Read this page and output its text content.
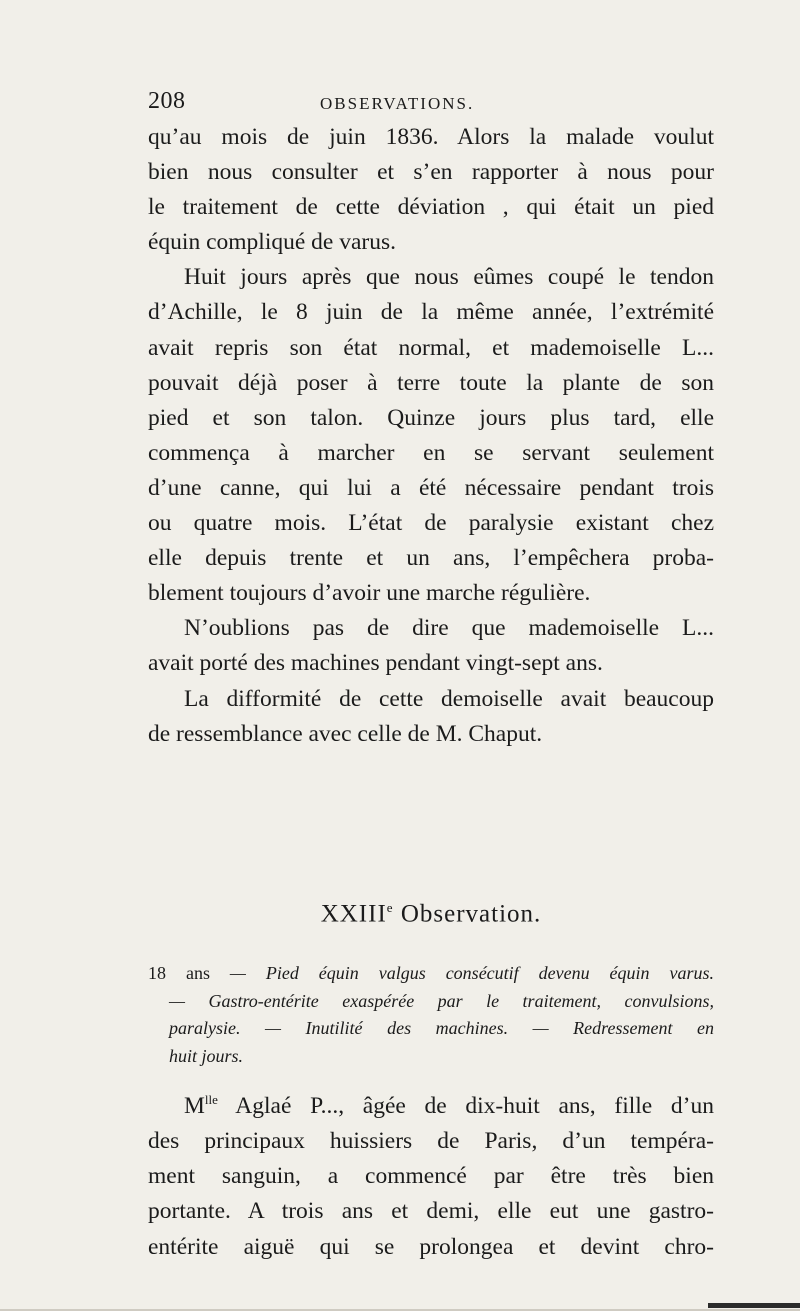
208	OBSERVATIONS.
qu’au mois de juin 1836. Alors la malade voulut
bien nous consulter et s’en rapporter à nous pour
le traitement de cette déviation , qui était un pied
équin compliqué de varus.
Huit jours après que nous eûmes coupé le tendon
d’Achille, le 8 juin de la même année, l’extrémité
avait repris son état normal, et mademoiselle L...
pouvait déjà poser à terre toute la plante de son
pied et son talon. Quinze jours plus tard, elle
commença à marcher en se servant seulement
d’une canne, qui lui a été nécessaire pendant trois
ou quatre mois. L’état de paralysie existant chez
elle depuis trente et un ans, l’empêchera proba-
blement toujours d’avoir une marche régulière.
N’oublions pas de dire que mademoiselle L...
avait porté des machines pendant vingt-sept ans.
La difformité de cette demoiselle avait beaucoup
de ressemblance avec celle de M. Chaput.
XXIIIe Observation.
18 ans — Pied équin valgus consécutif devenu équin varus.
— Gastro-entérite exaspérée par le traitement, convulsions,
paralysie. — Inutilité des machines. — Redressement en
huit jours.
$M^{lle}$ Aglaé P..., âgée de dix-huit ans, fille d’un
des principaux huissiers de Paris, d’un tempéra-
ment sanguin, a commencé par être très bien
portante. A trois ans et demi, elle eut une gastro-
entérite aiguë qui se prolongea et devint chro-
